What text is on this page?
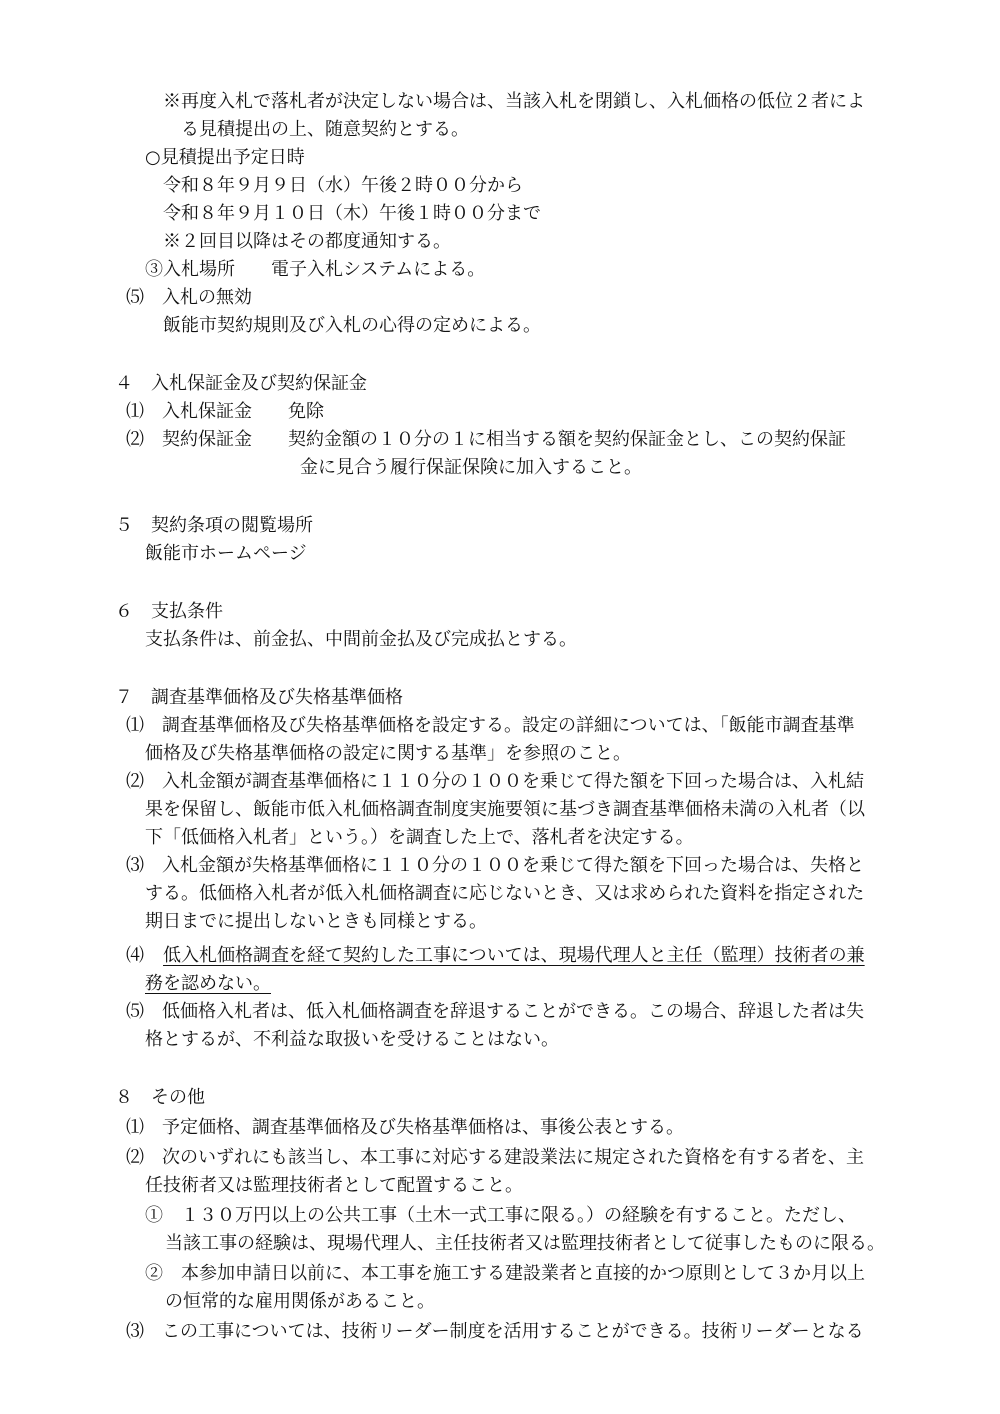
※再度入札で落札者が決定しない場合は、当該入札を閉鎖し、入札価格の低位２者によ
る見積提出の上、随意契約とする。
○見積提出予定日時
令和８年９月９日（水）午後２時００分から
令和８年９月１０日（木）午後１時００分まで
※２回目以降はその都度通知する。
③入札場所　　電子入札システムによる。
⑸　入札の無効
飯能市契約規則及び入札の心得の定めによる。
４　入札保証金及び契約保証金
⑴　入札保証金　　免除
⑵　契約保証金　　契約金額の１０分の１に相当する額を契約保証金とし、この契約保証
金に見合う履行保証保険に加入すること。
５　契約条項の閲覧場所
飯能市ホームページ
６　支払条件
支払条件は、前金払、中間前金払及び完成払とする。
７　調査基準価格及び失格基準価格
⑴　調査基準価格及び失格基準価格を設定する。設定の詳細については、「飯能市調査基準
価格及び失格基準価格の設定に関する基準」を参照のこと。
⑵　入札金額が調査基準価格に１１０分の１００を乗じて得た額を下回った場合は、入札結
果を保留し、飯能市低入札価格調査制度実施要領に基づき調査基準価格未満の入札者（以
下「低価格入札者」という。）を調査した上で、落札者を決定する。
⑶　入札金額が失格基準価格に１１０分の１００を乗じて得た額を下回った場合は、失格と
する。低価格入札者が低入札価格調査に応じないとき、又は求められた資料を指定された
期日までに提出しないときも同様とする。
⑷　 低入札価格調査を経て契約した工事については、現場代理人と主任（監理）技術者の兼
務を認めない。
⑸　低価格入札者は、低入札価格調査を辞退することができる。この場合、辞退した者は失
格とするが、不利益な取扱いを受けることはない。
８　その他
⑴　予定価格、調査基準価格及び失格基準価格は、事後公表とする。
⑵　次のいずれにも該当し、本工事に対応する建設業法に規定された資格を有する者を、主
任技術者又は監理技術者として配置すること。
①　１３０万円以上の公共工事（土木一式工事に限る。）の経験を有すること。ただし、
当該工事の経験は、現場代理人、主任技術者又は監理技術者として従事したものに限る。
②　本参加申請日以前に、本工事を施工する建設業者と直接的かつ原則として３か月以上
の恒常的な雇用関係があること。
⑶　この工事については、技術リーダー制度を活用することができる。技術リーダーとなる
